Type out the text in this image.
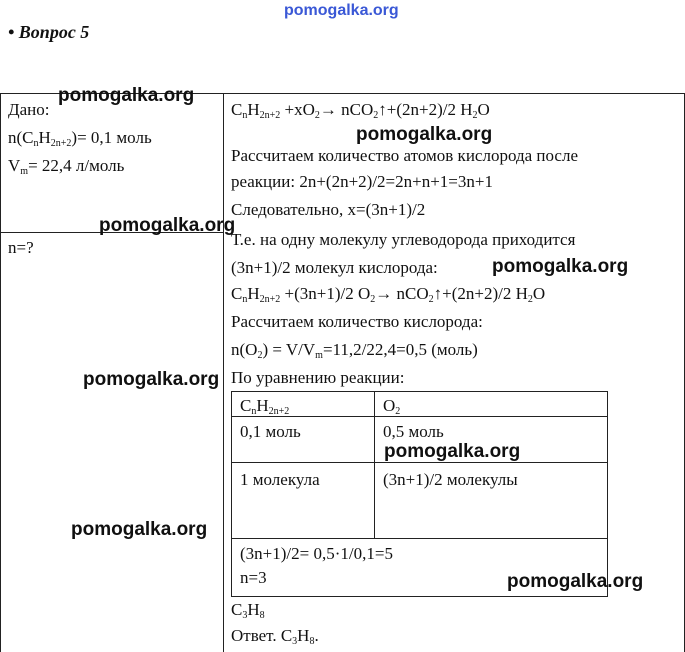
pomogalka.org
• Вопрос 5
Дано:
$n(C_nH_{2n+2})= 0,1$ моль
$V_m= 22,4$ л/моль
n=?
$C_nH_{2n+2} +xO_2\to$ nCO$_2$↑+(2n+2)/2 $H_2O$
Рассчитаем количество атомов кислорода после
реакции: 2n+(2n+2)/2=2n+n+1=3n+1
Следовательно, x=(3n+1)/2
Т.е. на одну молекулу углеводорода приходится
(3n+1)/2 молекул кислорода:
$C_nH_{2n+2} +(3n+1)/2$ $O_2\to$ nCO$_2$↑+(2n+2)/2 $H_2O$
Рассчитаем количество кислорода:
$n(O_2) = V/V_m=11,2/22,4=0,5$ (моль)
По уравнению реакции:
$C_nH_{2n+2}$	$O_2$
0,1 моль	0,5 моль
1 молекула	(3n+1)/2 молекулы
(3n+1)/2= 0,5·1/0,1=5
n=3
$C_3H_8$
Ответ. $C_3H_8$.
pomogalka.org
pomogalka.org
pomogalka.org
pomogalka.org
pomogalka.org
pomogalka.org
pomogalka.org
pomogalka.org
